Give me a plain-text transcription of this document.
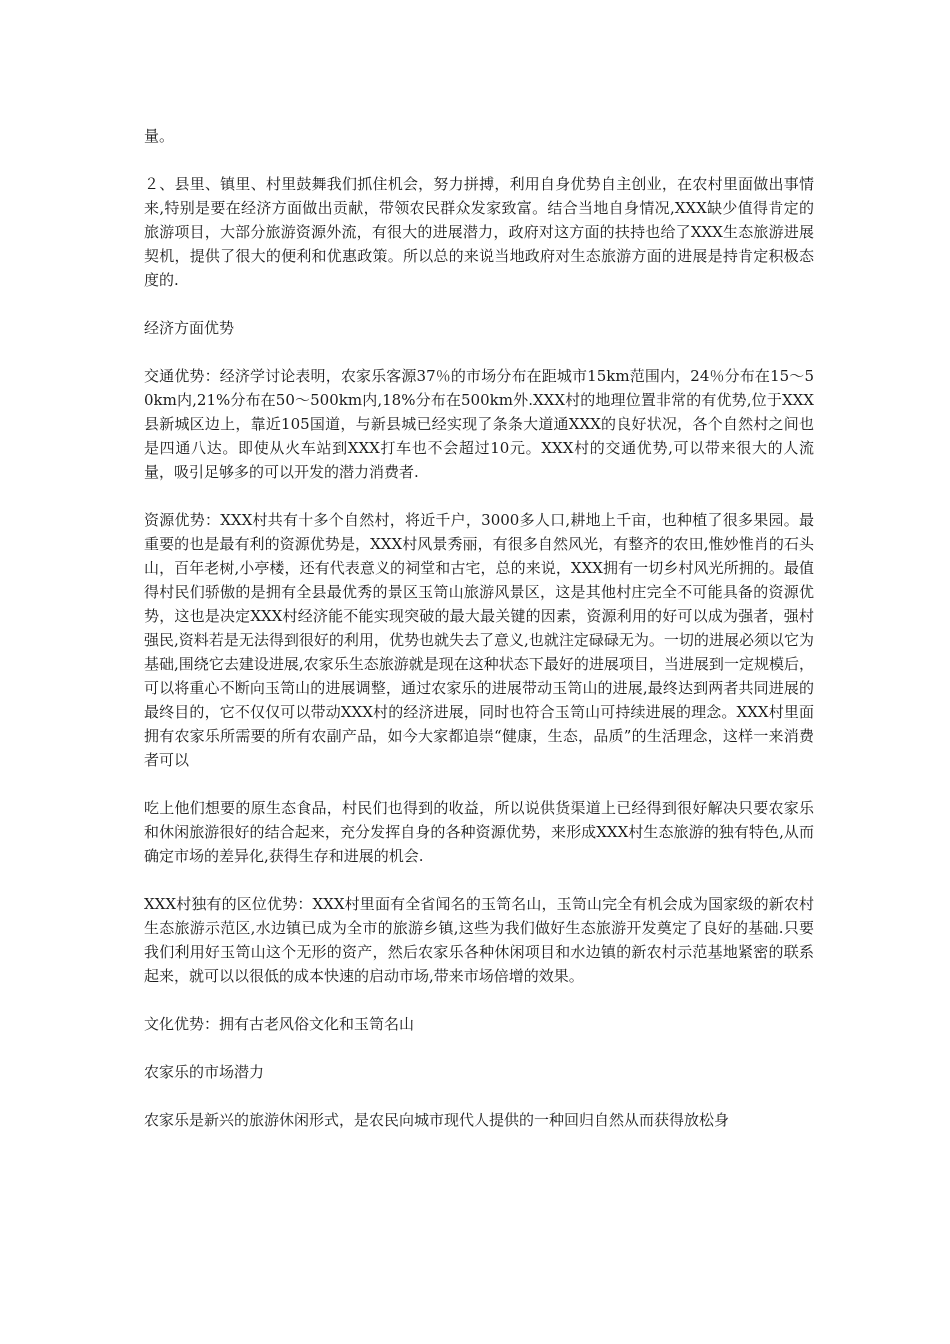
量。

２、县里、镇里、村里鼓舞我们抓住机会，努力拼搏，利用自身优势自主创业，在农村里面做出事情来,特别是要在经济方面做出贡献，带领农民群众发家致富。结合当地自身情况,XXX缺少值得肯定的旅游项目，大部分旅游资源外流，有很大的进展潜力，政府对这方面的扶持也给了XXX生态旅游进展契机，提供了很大的便利和优惠政策。所以总的来说当地政府对生态旅游方面的进展是持肯定积极态度的.

经济方面优势

交通优势：经济学讨论表明，农家乐客源37％的市场分布在距城市15km范围内，24％分布在15～50km内,21%分布在50～500km内,18%分布在500km外.XXX村的地理位置非常的有优势,位于XXX县新城区边上，靠近105国道，与新县城已经实现了条条大道通XXX的良好状况，各个自然村之间也是四通八达。即使从火车站到XXX打车也不会超过10元。XXX村的交通优势,可以带来很大的人流量，吸引足够多的可以开发的潜力消费者.

资源优势：XXX村共有十多个自然村，将近千户，3000多人口,耕地上千亩，也种植了很多果园。最重要的也是最有利的资源优势是，XXX村风景秀丽，有很多自然风光，有整齐的农田,惟妙惟肖的石头山，百年老树,小亭楼，还有代表意义的祠堂和古宅，总的来说，XXX拥有一切乡村风光所拥的。最值得村民们骄傲的是拥有全县最优秀的景区玉笥山旅游风景区，这是其他村庄完全不可能具备的资源优势，这也是决定XXX村经济能不能实现突破的最大最关键的因素，资源利用的好可以成为强者，强村强民,资料若是无法得到很好的利用，优势也就失去了意义,也就注定碌碌无为。一切的进展必须以它为基础,围绕它去建设进展,农家乐生态旅游就是现在这种状态下最好的进展项目，当进展到一定规模后，可以将重心不断向玉笥山的进展调整，通过农家乐的进展带动玉笥山的进展,最终达到两者共同进展的最终目的，它不仅仅可以带动XXX村的经济进展，同时也符合玉笥山可持续进展的理念。XXX村里面拥有农家乐所需要的所有农副产品，如今大家都追崇“健康，生态，品质”的生活理念，这样一来消费者可以

吃上他们想要的原生态食品，村民们也得到的收益，所以说供货渠道上已经得到很好解决只要农家乐和休闲旅游很好的结合起来，充分发挥自身的各种资源优势，来形成XXX村生态旅游的独有特色,从而确定市场的差异化,获得生存和进展的机会.

XXX村独有的区位优势：XXX村里面有全省闻名的玉笥名山，玉笥山完全有机会成为国家级的新农村生态旅游示范区,水边镇已成为全市的旅游乡镇,这些为我们做好生态旅游开发奠定了良好的基础.只要我们利用好玉笥山这个无形的资产，然后农家乐各种休闲项目和水边镇的新农村示范基地紧密的联系起来，就可以以很低的成本快速的启动市场,带来市场倍增的效果。

文化优势：拥有古老风俗文化和玉笥名山

农家乐的市场潜力

农家乐是新兴的旅游休闲形式，是农民向城市现代人提供的一种回归自然从而获得放松身
